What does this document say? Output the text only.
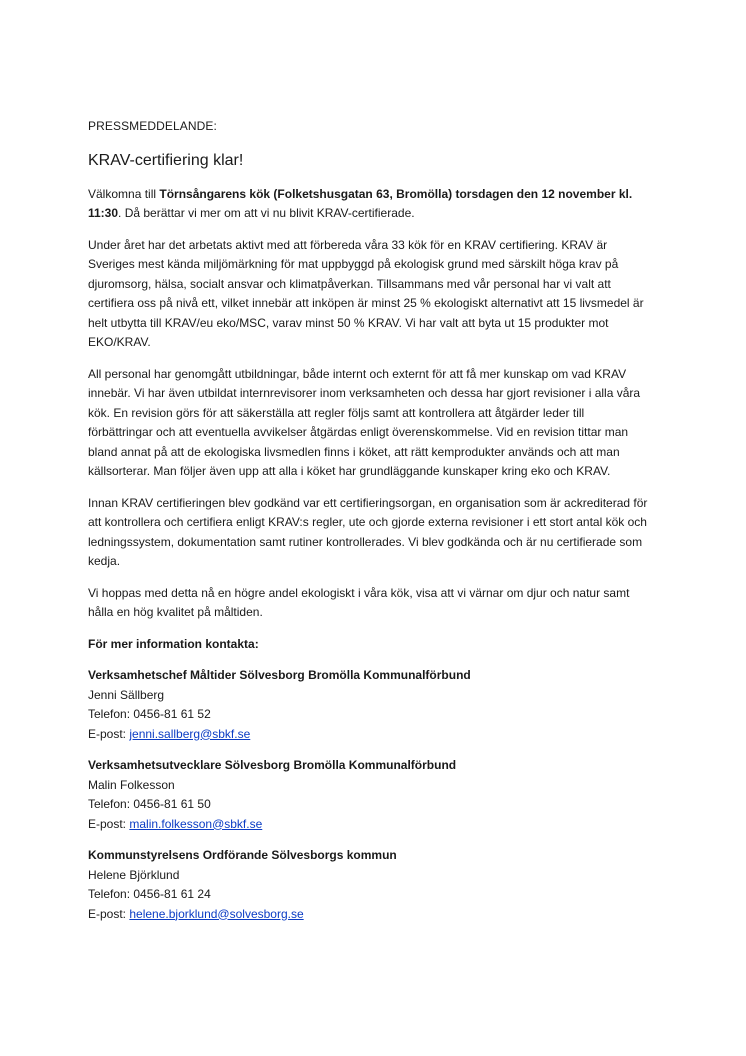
PRESSMEDDELANDE:
KRAV-certifiering klar!

Välkomna till Törnsångarens kök (Folketshusgatan 63, Bromölla) torsdagen den 12 november kl. 11:30. Då berättar vi mer om att vi nu blivit KRAV-certifierade.

Under året har det arbetats aktivt med att förbereda våra 33 kök för en KRAV certifiering. KRAV är Sveriges mest kända miljömärkning för mat uppbyggd på ekologisk grund med särskilt höga krav på djuromsorg, hälsa, socialt ansvar och klimatpåverkan. Tillsammans med vår personal har vi valt att certifiera oss på nivå ett, vilket innebär att inköpen är minst 25 % ekologiskt alternativt att 15 livsmedel är helt utbytta till KRAV/eu eko/MSC, varav minst 50 % KRAV. Vi har valt att byta ut 15 produkter mot EKO/KRAV.

All personal har genomgått utbildningar, både internt och externt för att få mer kunskap om vad KRAV innebär. Vi har även utbildat internrevisorer inom verksamheten och dessa har gjort revisioner i alla våra kök. En revision görs för att säkerställa att regler följs samt att kontrollera att åtgärder leder till förbättringar och att eventuella avvikelser åtgärdas enligt överenskommelse. Vid en revision tittar man bland annat på att de ekologiska livsmedlen finns i köket, att rätt kemprodukter används och att man källsorterar. Man följer även upp att alla i köket har grundläggande kunskaper kring eko och KRAV.

Innan KRAV certifieringen blev godkänd var ett certifieringsorgan, en organisation som är ackrediterad för att kontrollera och certifiera enligt KRAV:s regler, ute och gjorde externa revisioner i ett stort antal kök och ledningssystem, dokumentation samt rutiner kontrollerades. Vi blev godkända och är nu certifierade som kedja.

Vi hoppas med detta nå en högre andel ekologiskt i våra kök, visa att vi värnar om djur och natur samt hålla en hög kvalitet på måltiden.

För mer information kontakta:

Verksamhetschef Måltider Sölvesborg Bromölla Kommunalförbund
Jenni Sällberg
Telefon: 0456-81 61 52
E-post: jenni.sallberg@sbkf.se
Verksamhetsutvecklare Sölvesborg Bromölla Kommunalförbund
Malin Folkesson
Telefon: 0456-81 61 50
E-post: malin.folkesson@sbkf.se
Kommunstyrelsens Ordförande Sölvesborgs kommun
Helene Björklund
Telefon: 0456-81 61 24
E-post: helene.bjorklund@solvesborg.se
